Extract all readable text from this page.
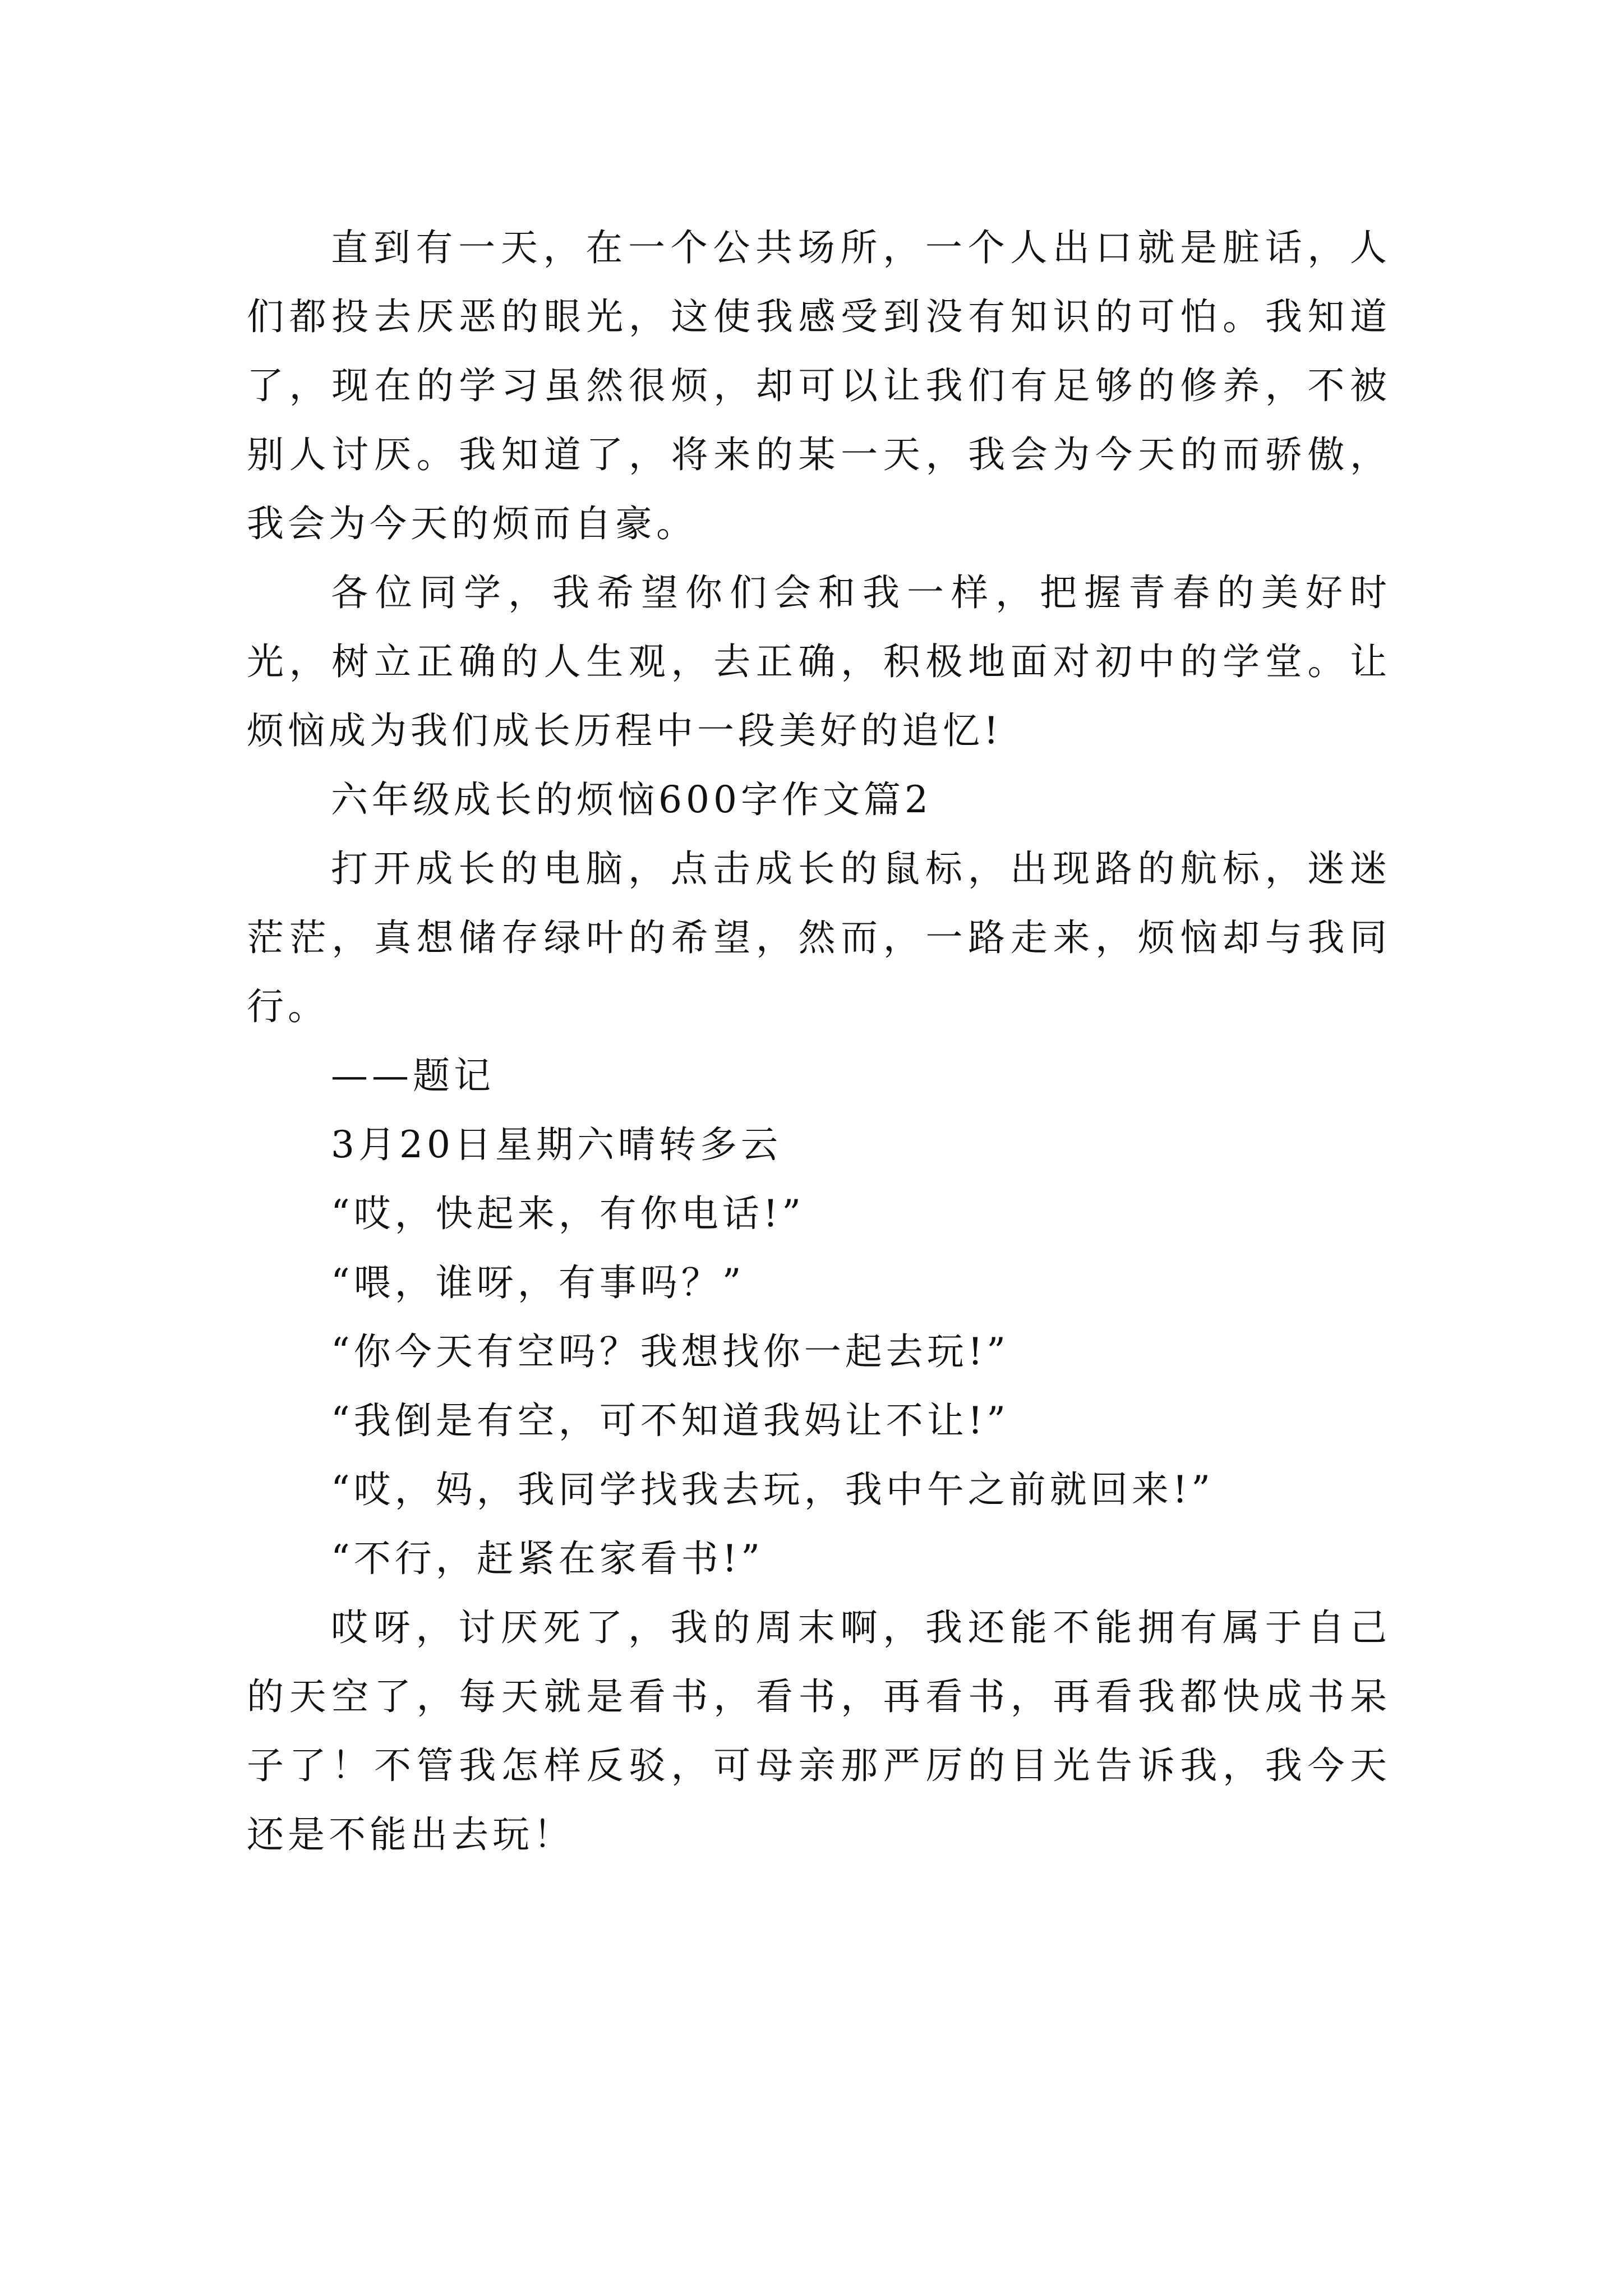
直到有一天，在一个公共场所，一个人出口就是脏话，人们都投去厌恶的眼光，这使我感受到没有知识的可怕。我知道了，现在的学习虽然很烦，却可以让我们有足够的修养，不被别人讨厌。我知道了，将来的某一天，我会为今天的而骄傲，我会为今天的烦而自豪。

各位同学，我希望你们会和我一样，把握青春的美好时光，树立正确的人生观，去正确，积极地面对初中的学堂。让烦恼成为我们成长历程中一段美好的追忆!

六年级成长的烦恼600字作文篇2

打开成长的电脑，点击成长的鼠标，出现路的航标，迷迷茫茫，真想储存绿叶的希望，然而，一路走来，烦恼却与我同行。

——题记

3月20日星期六晴转多云

“哎，快起来，有你电话!”

“喂，谁呀，有事吗？”

“你今天有空吗？我想找你一起去玩!”

“我倒是有空，可不知道我妈让不让!”

“哎，妈，我同学找我去玩，我中午之前就回来!”

“不行，赶紧在家看书!”

哎呀，讨厌死了，我的周末啊，我还能不能拥有属于自己的天空了，每天就是看书，看书，再看书，再看我都快成书呆子了！不管我怎样反驳，可母亲那严厉的目光告诉我，我今天还是不能出去玩！
